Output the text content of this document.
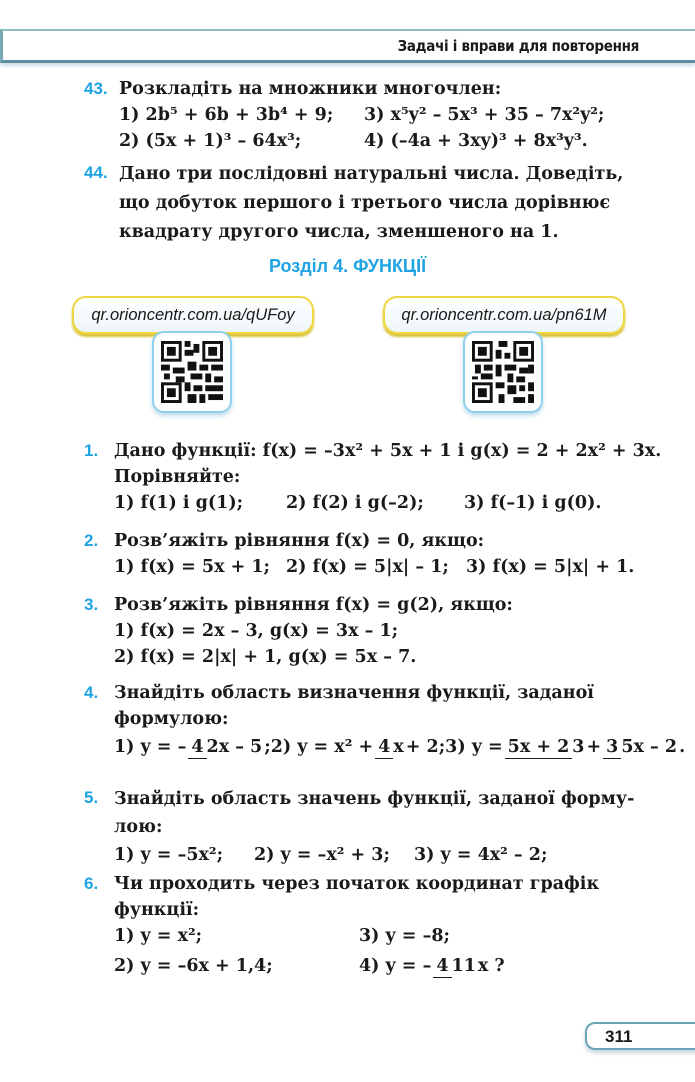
Задачі і вправи для повторення
43. Розкладіть на множники многочлен:
1) 2b⁵ + 6b + 3b⁴ + 9;	3) x⁵y² – 5x³ + 35 – 7x²y²;
2) (5x + 1)³ – 64x³;	4) (–4a + 3xy)³ + 8x³y³.
44. Дано три послідовні натуральні числа. Доведіть,
що добуток першого і третього числа дорівнює
квадрату другого числа, зменшеного на 1.
Розділ 4. ФУНКЦІЇ
qr.orioncentr.com.ua/qUFoy	qr.orioncentr.com.ua/pn61M
1. Дано функції: f(x) = –3x² + 5x + 1 і g(x) = 2 + 2x² + 3x.
Порівняйте:
1) f(1) і g(1);	2) f(2) і g(–2);	3) f(–1) і g(0).
2. Розв’яжіть рівняння f(x) = 0, якщо:
1) f(x) = 5x + 1; 2) f(x) = 5|x| – 1; 3) f(x) = 5|x| + 1.
3. Розв’яжіть рівняння f(x) = g(2), якщо:
1) f(x) = 2x – 3, g(x) = 3x – 1;
2) f(x) = 2|x| + 1, g(x) = 5x – 7.
4. Знайдіть область визначення функції, заданої
формулою:
1) y = – 4 2x – 5 ; 2) y = x² + 4 x + 2; 3) y = 5x + 2 3 + 3 5x – 2 .
5. Знайдіть область значень функції, заданої форму-
лою:
1) y = –5x²;	2) y = –x² + 3;	3) y = 4x² – 2;
6. Чи проходить через початок координат графік
функції:
1) y = x²;	3) y = –8;
2) y = –6x + 1,4;	4) y = – 4 11 x ?
311
